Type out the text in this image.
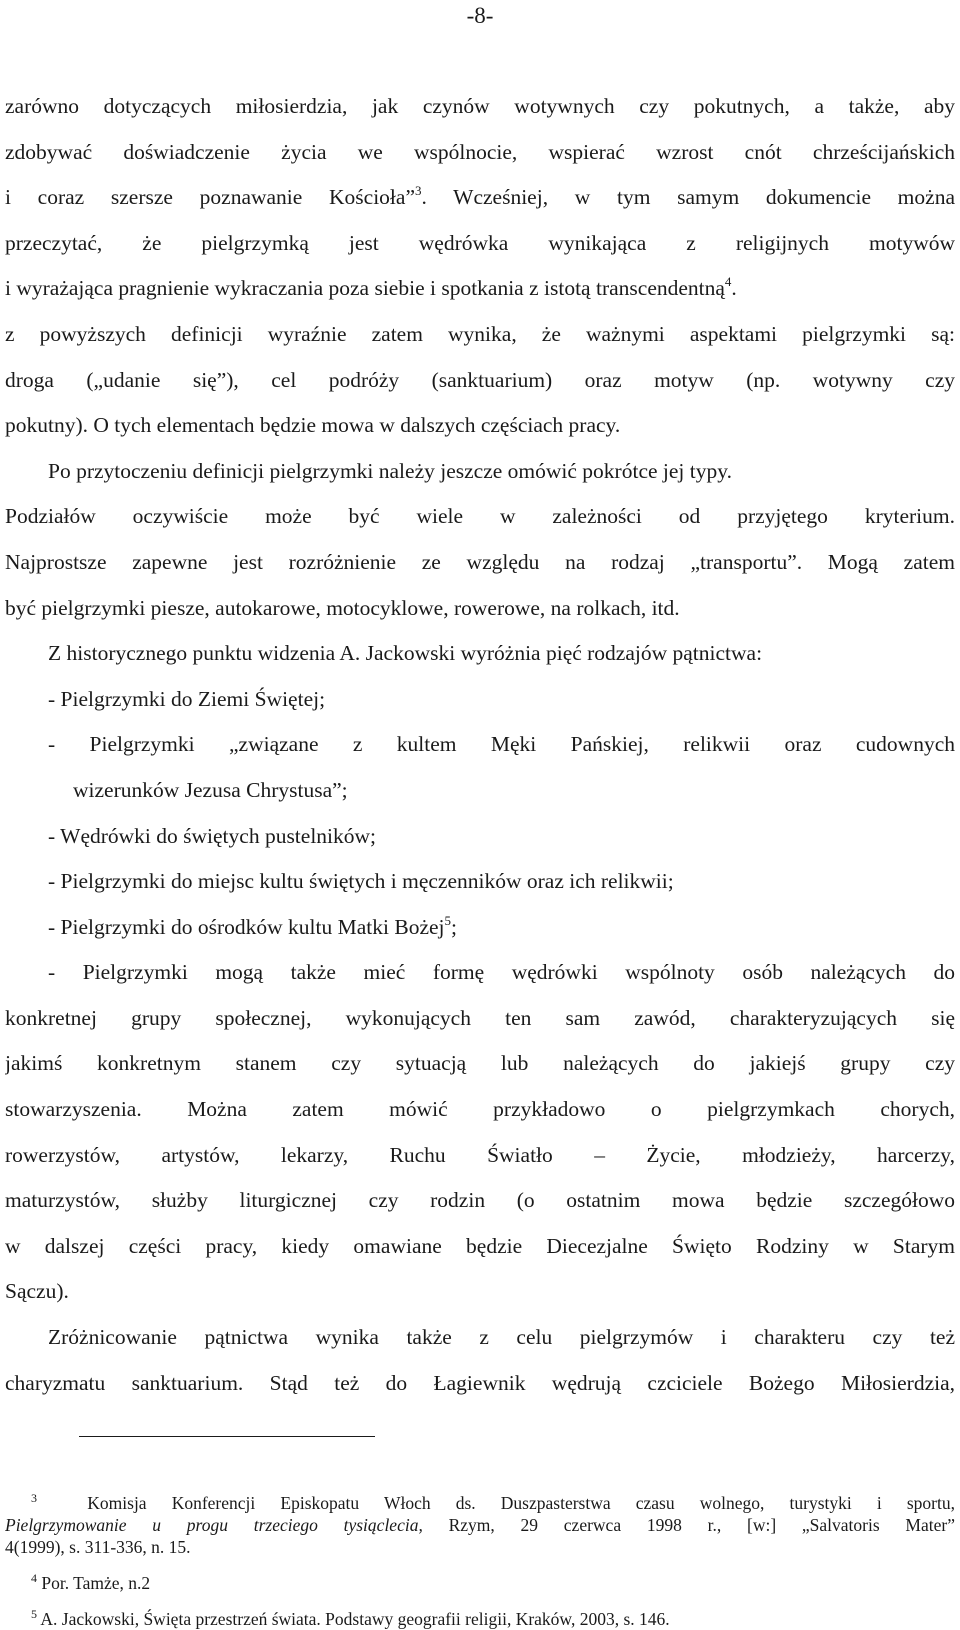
-8-
zarówno dotyczących miłosierdzia, jak czynów wotywnych czy pokutnych, a także, aby
zdobywać doświadczenie życia we wspólnocie, wspierać wzrost cnót chrześcijańskich
i coraz szersze poznawanie Kościoła”$^3$. Wcześniej, w tym samym dokumencie można
przeczytać, że pielgrzymką jest wędrówka wynikająca z religijnych motywów
i wyrażająca pragnienie wykraczania poza siebie i spotkania z istotą transcendentną$^4$.
z powyższych definicji wyraźnie zatem wynika, że ważnymi aspektami pielgrzymki są:
droga („udanie się”), cel podróży (sanktuarium) oraz motyw (np. wotywny czy
pokutny). O tych elementach będzie mowa w dalszych częściach pracy.
Po przytoczeniu definicji pielgrzymki należy jeszcze omówić pokrótce jej typy.
Podziałów oczywiście może być wiele w zależności od przyjętego kryterium.
Najprostsze zapewne jest rozróżnienie ze względu na rodzaj „transportu”. Mogą zatem
być pielgrzymki piesze, autokarowe, motocyklowe, rowerowe, na rolkach, itd.
Z historycznego punktu widzenia A. Jackowski wyróżnia pięć rodzajów pątnictwa:
- Pielgrzymki do Ziemi Świętej;
- Pielgrzymki „związane z kultem Męki Pańskiej, relikwii oraz cudownych
wizerunków Jezusa Chrystusa”;
- Wędrówki do świętych pustelników;
- Pielgrzymki do miejsc kultu świętych i męczenników oraz ich relikwii;
- Pielgrzymki do ośrodków kultu Matki Bożej$^5$;
- Pielgrzymki mogą także mieć formę wędrówki wspólnoty osób należących do
konkretnej grupy społecznej, wykonujących ten sam zawód, charakteryzujących się
jakimś konkretnym stanem czy sytuacją lub należących do jakiejś grupy czy
stowarzyszenia. Można zatem mówić przykładowo o pielgrzymkach chorych,
rowerzystów, artystów, lekarzy, Ruchu Światło – Życie, młodzieży, harcerzy,
maturzystów, służby liturgicznej czy rodzin (o ostatnim mowa będzie szczegółowo
w dalszej części pracy, kiedy omawiane będzie Diecezjalne Święto Rodziny w Starym
Sączu).
Zróżnicowanie pątnictwa wynika także z celu pielgrzymów i charakteru czy też
charyzmatu sanktuarium. Stąd też do Łagiewnik wędrują czciciele Bożego Miłosierdzia,
$^3$	Komisja Konferencji Episkopatu Włoch ds. Duszpasterstwa czasu wolnego, turystyki i sportu,
Pielgrzymowanie u progu trzeciego tysiąclecia, Rzym, 29 czerwca 1998 r., [w:] „Salvatoris Mater”
4(1999), s. 311-336, n. 15.
$^4$ Por. Tamże, n.2
$^5$ A. Jackowski, Święta przestrzeń świata. Podstawy geografii religii, Kraków, 2003, s. 146.
